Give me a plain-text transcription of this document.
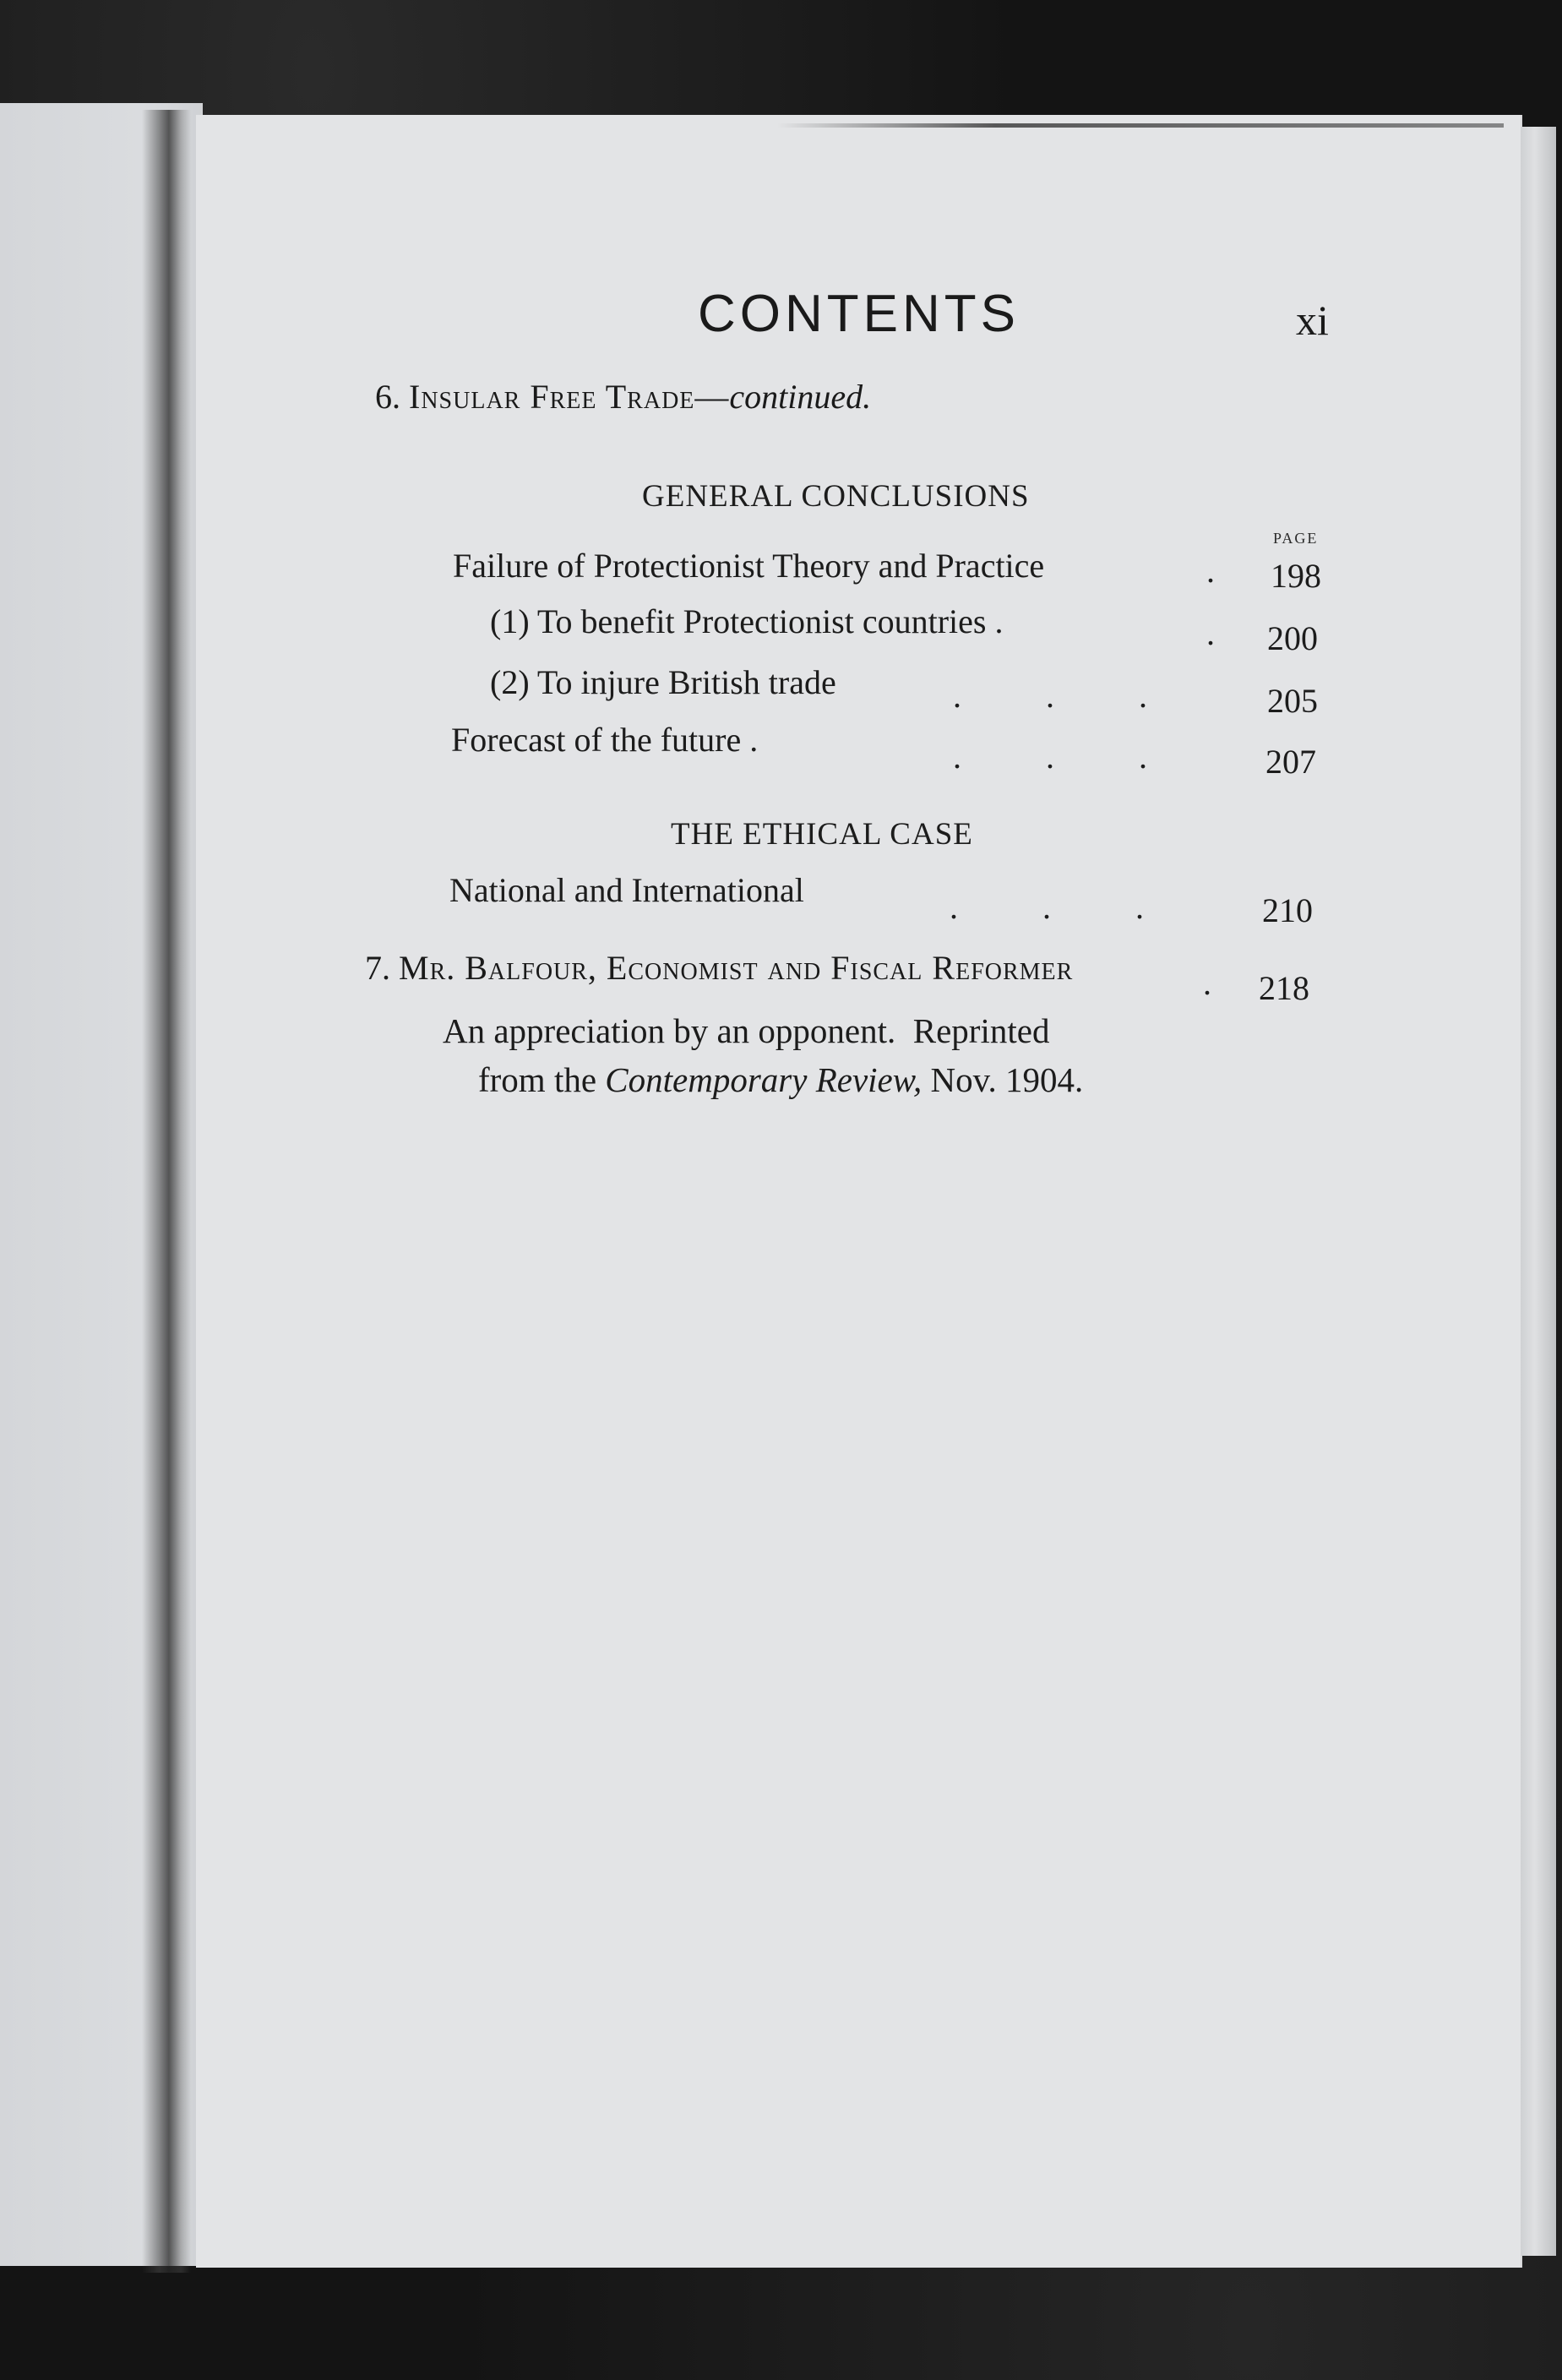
CONTENTS	xi
6. Insular Free Trade—continued.
GENERAL CONCLUSIONS
PAGE
Failure of Protectionist Theory and Practice	. 198
(1) To benefit Protectionist countries .	. 200
(2) To injure British trade	.          .          .	205
Forecast of the future .	.          .          .	207
THE ETHICAL CASE
National and International	.          .          .	210
7. Mr. Balfour, Economist and Fiscal Reformer	. 218
An appreciation by an opponent.  Reprinted
from the Contemporary Review, Nov. 1904.
